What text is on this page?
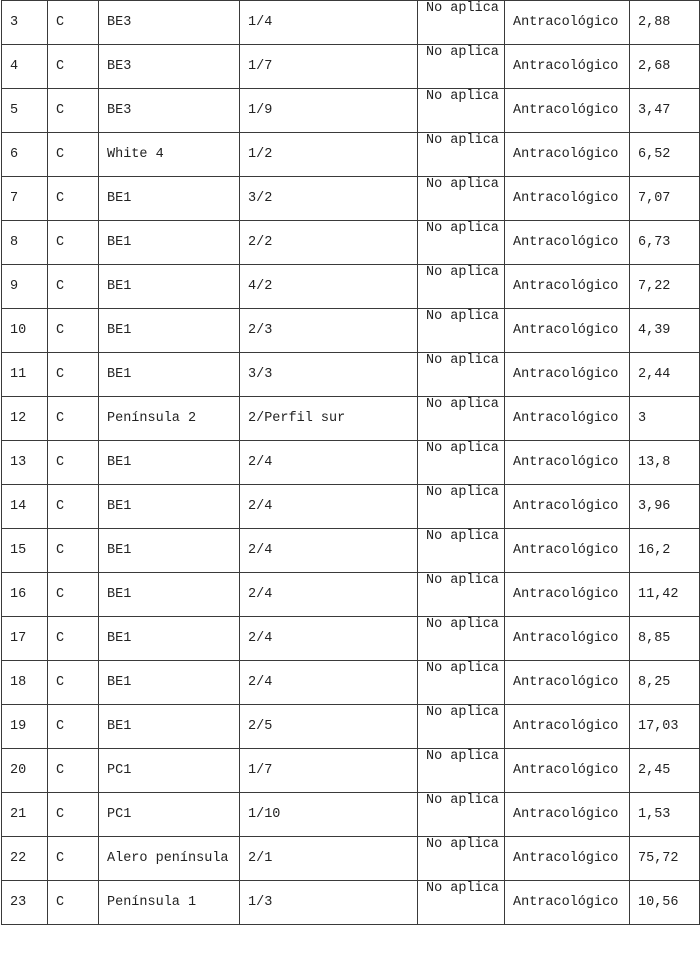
3	C	BE3	1/4	No aplica	Antracológico	2,88
4	C	BE3	1/7	No aplica	Antracológico	2,68
5	C	BE3	1/9	No aplica	Antracológico	3,47
6	C	White 4	1/2	No aplica	Antracológico	6,52
7	C	BE1	3/2	No aplica	Antracológico	7,07
8	C	BE1	2/2	No aplica	Antracológico	6,73
9	C	BE1	4/2	No aplica	Antracológico	7,22
10	C	BE1	2/3	No aplica	Antracológico	4,39
11	C	BE1	3/3	No aplica	Antracológico	2,44
12	C	Península 2	2/Perfil sur	No aplica	Antracológico	3
13	C	BE1	2/4	No aplica	Antracológico	13,8
14	C	BE1	2/4	No aplica	Antracológico	3,96
15	C	BE1	2/4	No aplica	Antracológico	16,2
16	C	BE1	2/4	No aplica	Antracológico	11,42
17	C	BE1	2/4	No aplica	Antracológico	8,85
18	C	BE1	2/4	No aplica	Antracológico	8,25
19	C	BE1	2/5	No aplica	Antracológico	17,03
20	C	PC1	1/7	No aplica	Antracológico	2,45
21	C	PC1	1/10	No aplica	Antracológico	1,53
22	C	Alero península	2/1	No aplica	Antracológico	75,72
23	C	Península 1	1/3	No aplica	Antracológico	10,56
